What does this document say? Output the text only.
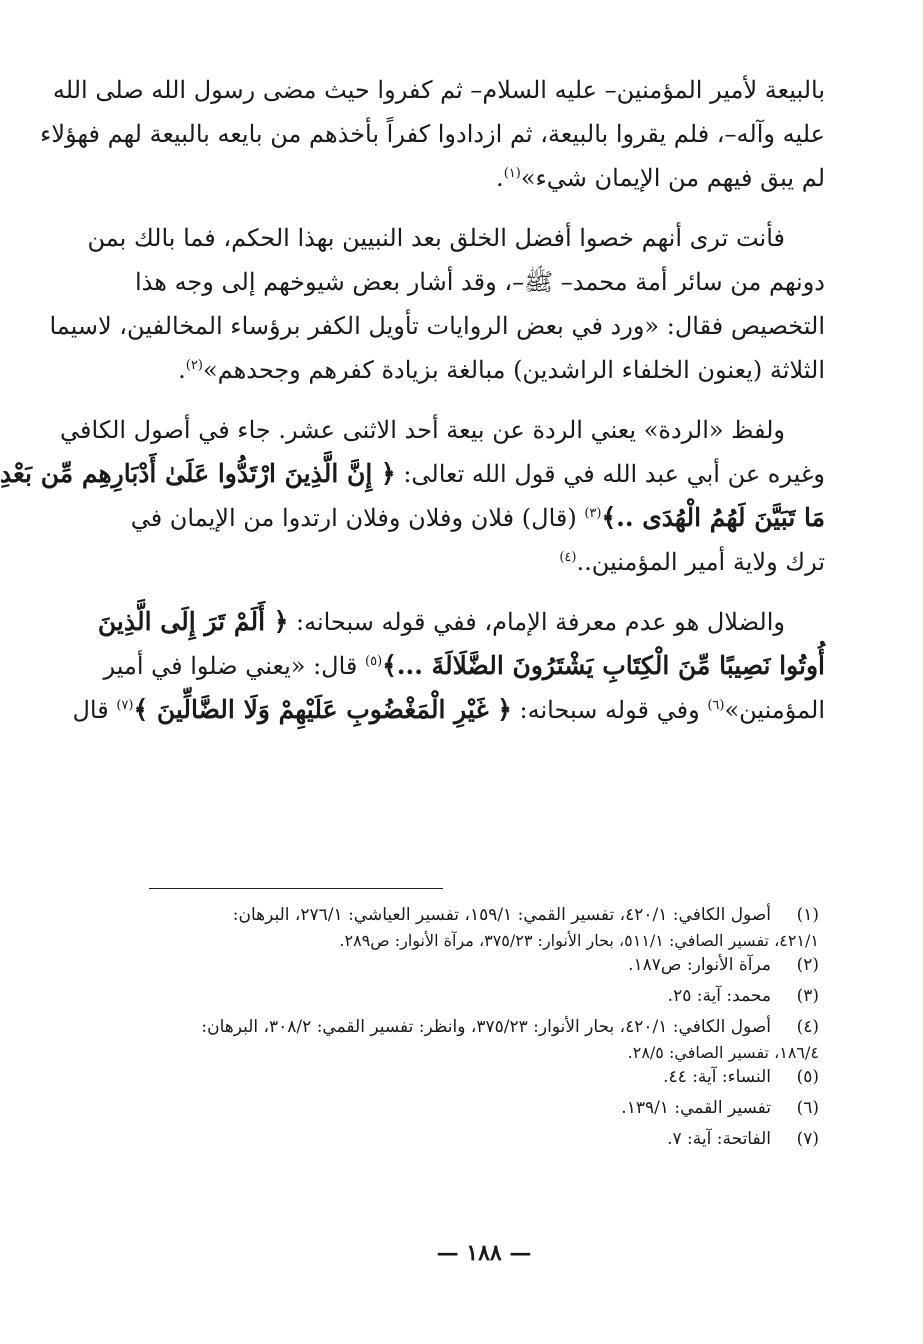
بالبيعة لأمير المؤمنين– عليه السلام– ثم كفروا حيث مضى رسول الله صلى الله
عليه وآله–، فلم يقروا بالبيعة، ثم ازدادوا كفراً بأخذهم من بايعه بالبيعة لهم فهؤلاء
لم يبق فيهم من الإيمان شيء»$^{(١)}$.
فأنت ترى أنهم خصوا أفضل الخلق بعد النبيين بهذا الحكم، فما بالك بمن
دونهم من سائر أمة محمد– ﷺ–، وقد أشار بعض شيوخهم إلى وجه هذا
التخصيص فقال: «ورد في بعض الروايات تأويل الكفر برؤساء المخالفين، لاسيما
الثلاثة (يعنون الخلفاء الراشدين) مبالغة بزيادة كفرهم وجحدهم»$^{(٢)}$.
ولفظ «الردة» يعني الردة عن بيعة أحد الاثنى عشر. جاء في أصول الكافي
وغيره عن أبي عبد الله في قول الله تعالى: ﴿ إِنَّ الَّذِينَ ارْتَدُّوا عَلَىٰ أَدْبَارِهِم مِّن بَعْدِ
مَا تَبَيَّنَ لَهُمُ الْهُدَى ..﴾$^{(٣)}$ (قال) فلان وفلان وفلان ارتدوا من الإيمان في
ترك ولاية أمير المؤمنين..$^{(٤)}$
والضلال هو عدم معرفة الإمام، ففي قوله سبحانه: ﴿ أَلَمْ تَرَ إِلَى الَّذِينَ
أُوتُوا نَصِيبًا مِّنَ الْكِتَابِ يَشْتَرُونَ الضَّلَالَةَ ...﴾$^{(٥)}$ قال: «يعني ضلوا في أمير
المؤمنين»$^{(٦)}$ وفي قوله سبحانه: ﴿ غَيْرِ الْمَغْضُوبِ عَلَيْهِمْ وَلَا الضَّالِّينَ ﴾$^{(٧)}$ قال
(١)
أصول الكافي: ٤٢٠/١، تفسير القمي: ١٥٩/١، تفسير العياشي: ٢٧٦/١، البرهان:
٤٢١/١، تفسير الصافي: ٥١١/١، بحار الأنوار: ٣٧٥/٢٣، مرآة الأنوار: ص٢٨٩.
(٢)
مرآة الأنوار: ص١٨٧.
(٣)
محمد: آية: ٢٥.
(٤)
أصول الكافي: ٤٢٠/١، بحار الأنوار: ٣٧٥/٢٣، وانظر: تفسير القمي: ٣٠٨/٢، البرهان:
١٨٦/٤، تفسير الصافي: ٢٨/٥.
(٥)
النساء: آية: ٤٤.
(٦)
تفسير القمي: ١٣٩/١.
(٧)
الفاتحة: آية: ٧.
— ١٨٨ —
